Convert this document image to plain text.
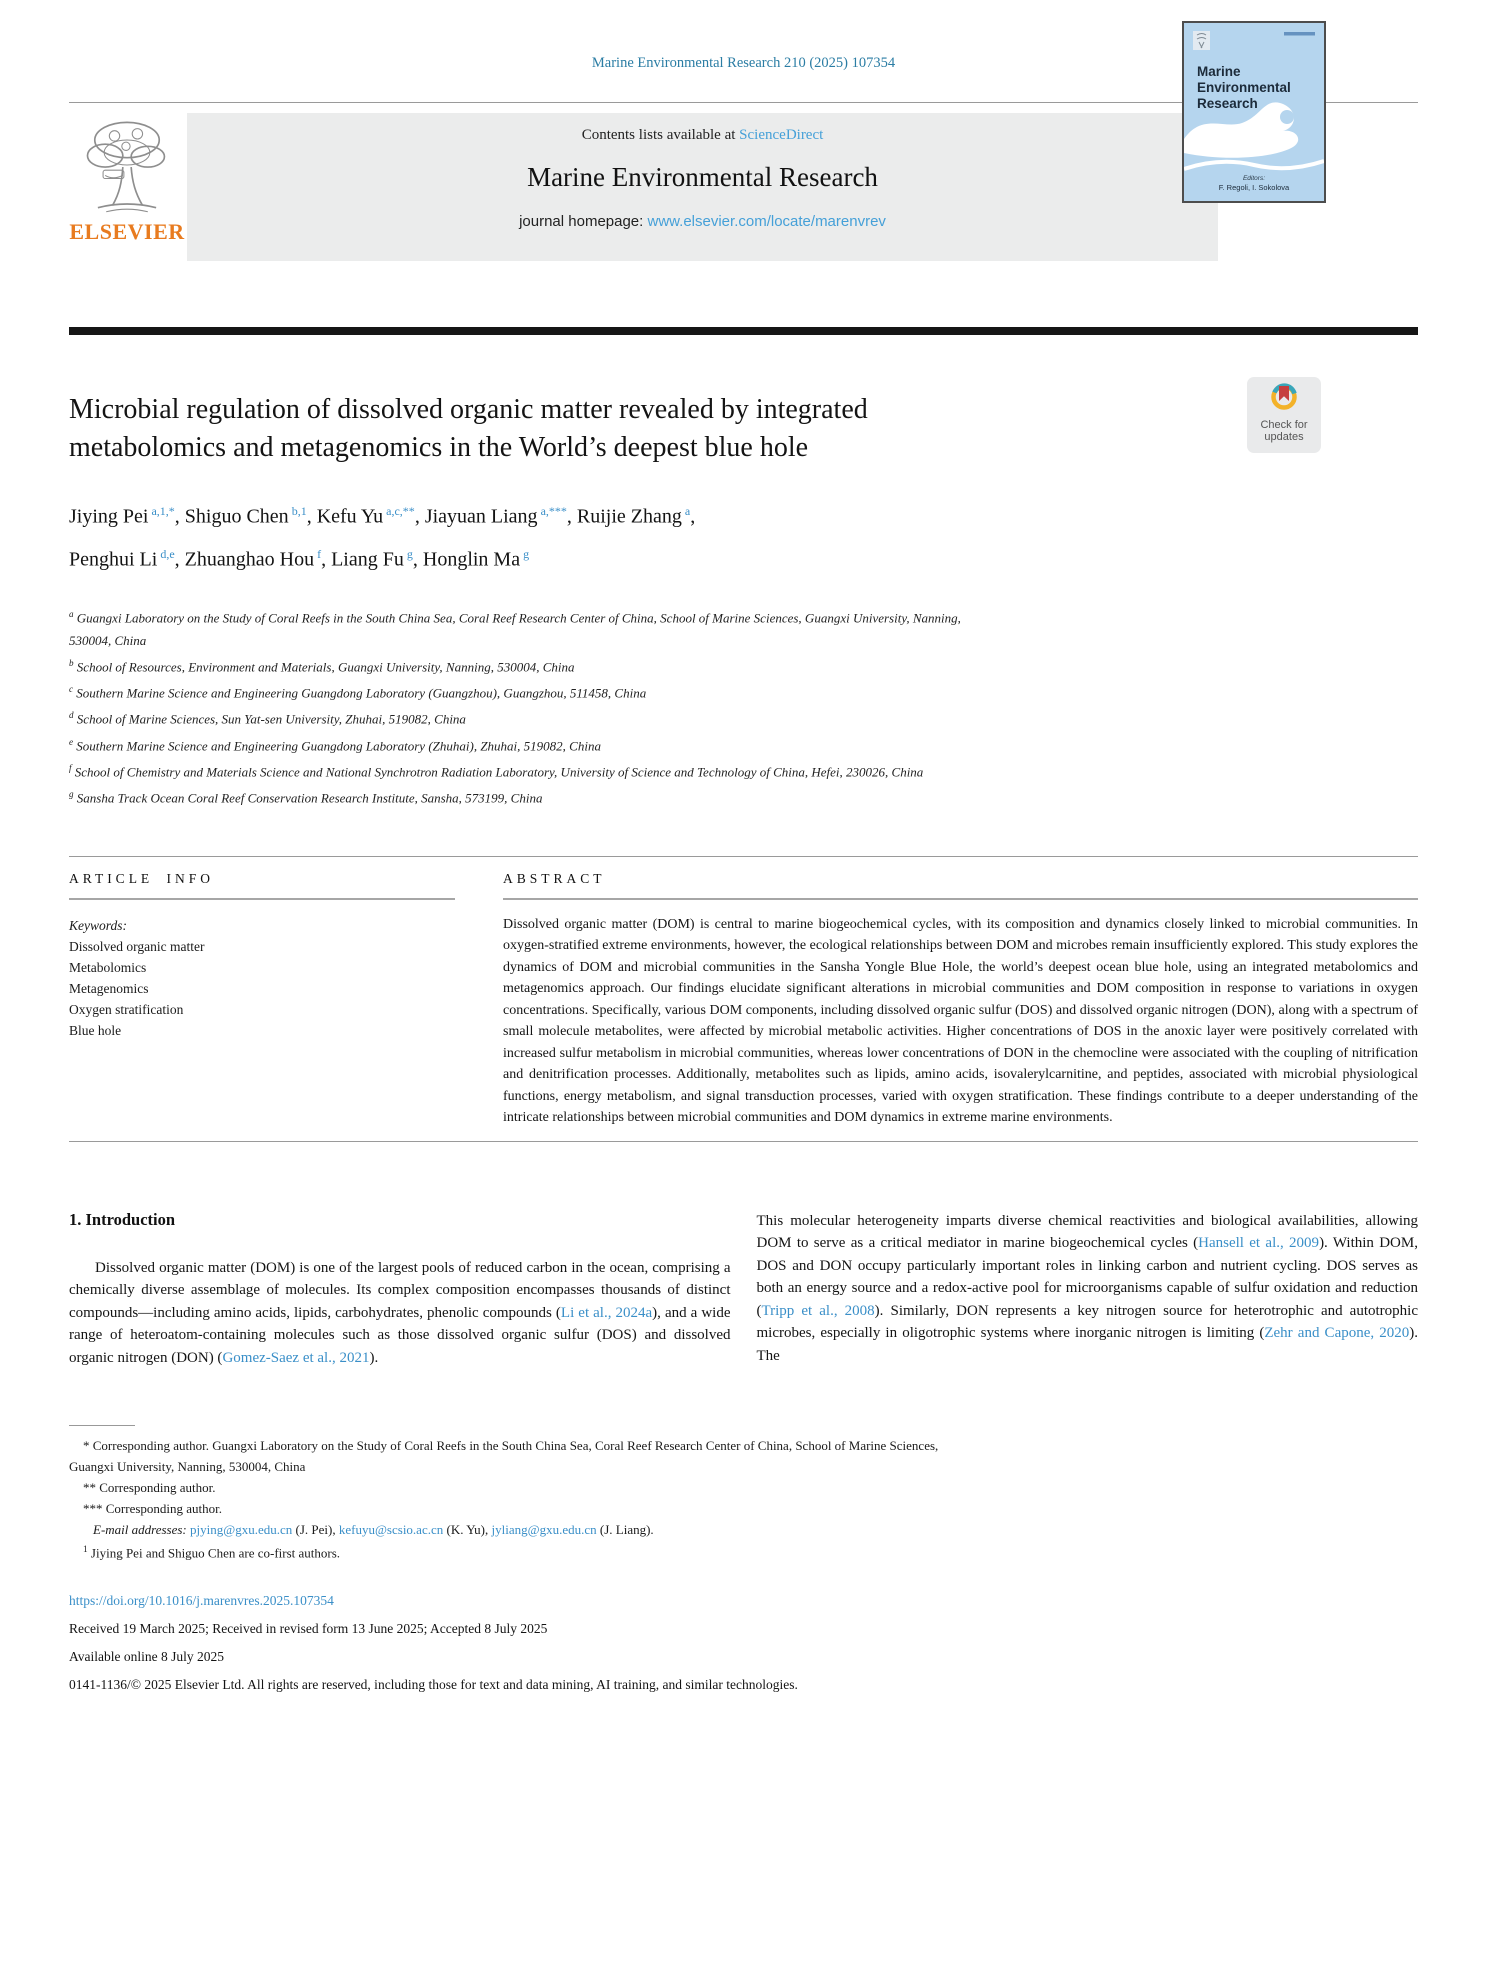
Marine Environmental Research 210 (2025) 107354
ELSEVIER
Contents lists available at ScienceDirect
Marine Environmental Research
journal homepage: www.elsevier.com/locate/marenvrev
Marine
Environmental
Research
Editors:
F. Regoli, I. Sokolova
Check for
updates
Microbial regulation of dissolved organic matter revealed by integrated metabolomics and metagenomics in the World’s deepest blue hole
Jiying Pei $^{a,1,*}$, Shiguo Chen $^{b,1}$, Kefu Yu $^{a,c,**}$, Jiayuan Liang $^{a,***}$, Ruijie Zhang $^a$,
Penghui Li $^{d,e}$, Zhuanghao Hou $^f$, Liang Fu $^g$, Honglin Ma $^g$
$^a$ Guangxi Laboratory on the Study of Coral Reefs in the South China Sea, Coral Reef Research Center of China, School of Marine Sciences, Guangxi University, Nanning,
530004, China
$^b$ School of Resources, Environment and Materials, Guangxi University, Nanning, 530004, China
$^c$ Southern Marine Science and Engineering Guangdong Laboratory (Guangzhou), Guangzhou, 511458, China
$^d$ School of Marine Sciences, Sun Yat-sen University, Zhuhai, 519082, China
$^e$ Southern Marine Science and Engineering Guangdong Laboratory (Zhuhai), Zhuhai, 519082, China
$^f$ School of Chemistry and Materials Science and National Synchrotron Radiation Laboratory, University of Science and Technology of China, Hefei, 230026, China
$^g$ Sansha Track Ocean Coral Reef Conservation Research Institute, Sansha, 573199, China
ARTICLE INFO
Keywords:
Dissolved organic matter
Metabolomics
Metagenomics
Oxygen stratification
Blue hole
ABSTRACT

Dissolved organic matter (DOM) is central to marine biogeochemical cycles, with its composition and dynamics closely linked to microbial communities. In oxygen-stratified extreme environments, however, the ecological relationships between DOM and microbes remain insufficiently explored. This study explores the dynamics of DOM and microbial communities in the Sansha Yongle Blue Hole, the world’s deepest ocean blue hole, using an integrated metabolomics and metagenomics approach. Our findings elucidate significant alterations in microbial communities and DOM composition in response to variations in oxygen concentrations. Specifically, various DOM components, including dissolved organic sulfur (DOS) and dissolved organic nitrogen (DON), along with a spectrum of small molecule metabolites, were affected by microbial metabolic activities. Higher concentrations of DOS in the anoxic layer were positively correlated with increased sulfur metabolism in microbial communities, whereas lower concentrations of DON in the chemocline were associated with the coupling of nitrification and denitrification processes. Additionally, metabolites such as lipids, amino acids, isovalerylcarnitine, and peptides, associated with microbial physiological functions, energy metabolism, and signal transduction processes, varied with oxygen stratification. These findings contribute to a deeper understanding of the intricate relationships between microbial communities and DOM dynamics in extreme marine environments.

1. Introduction

Dissolved organic matter (DOM) is one of the largest pools of reduced carbon in the ocean, comprising a chemically diverse assemblage of molecules. Its complex composition encompasses thousands of distinct compounds—including amino acids, lipids, carbohydrates, phenolic compounds (Li et al., 2024a), and a wide range of heteroatom-containing molecules such as those dissolved organic sulfur (DOS) and dissolved organic nitrogen (DON) (Gomez-Saez et al., 2021).

This molecular heterogeneity imparts diverse chemical reactivities and biological availabilities, allowing DOM to serve as a critical mediator in marine biogeochemical cycles (Hansell et al., 2009). Within DOM, DOS and DON occupy particularly important roles in linking carbon and nutrient cycling. DOS serves as both an energy source and a redox-active pool for microorganisms capable of sulfur oxidation and reduction (Tripp et al., 2008). Similarly, DON represents a key nitrogen source for heterotrophic and autotrophic microbes, especially in oligotrophic systems where inorganic nitrogen is limiting (Zehr and Capone, 2020). The

* Corresponding author. Guangxi Laboratory on the Study of Coral Reefs in the South China Sea, Coral Reef Research Center of China, School of Marine Sciences,
Guangxi University, Nanning, 530004, China
** Corresponding author.
*** Corresponding author.
E-mail addresses: pjying@gxu.edu.cn (J. Pei), kefuyu@scsio.ac.cn (K. Yu), jyliang@gxu.edu.cn (J. Liang).
$^1$ Jiying Pei and Shiguo Chen are co-first authors.
https://doi.org/10.1016/j.marenvres.2025.107354
Received 19 March 2025; Received in revised form 13 June 2025; Accepted 8 July 2025
Available online 8 July 2025
0141-1136/© 2025 Elsevier Ltd. All rights are reserved, including those for text and data mining, AI training, and similar technologies.
